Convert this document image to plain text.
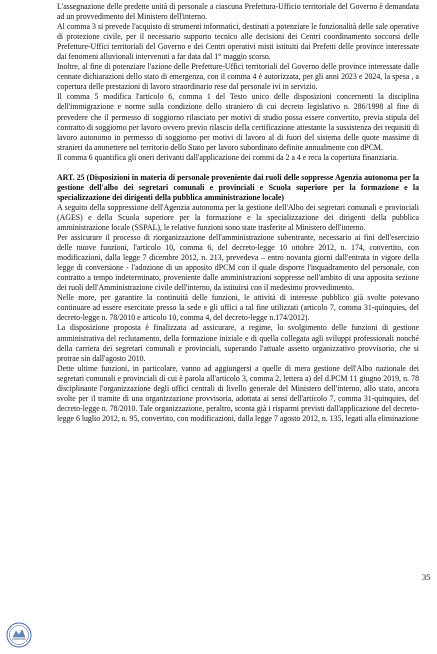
L'assegnazione delle predette unità di personale a ciascuna Prefettura-Ufficio territoriale del Governo è demandata ad un provvedimento del Ministero dell'interno.

Al comma 3 si prevede l'acquisto di strumenti informatici, destinati a potenziare le funzionalità delle sale operative di protezione civile, per il necessario supporto tecnico alle decisioni dei Centri coordinamento soccorsi delle Prefetture-Uffici territoriali del Governo e dei Centri operativi misti istituiti dai Prefetti delle province interessate dai fenomeni alluvionali intervenuti a far data dal 1° maggio scorso.

Inoltre, al fine di potenziare l'azione delle Prefetture-Uffici territoriali del Governo delle province interessate dalle cennate dichiarazioni dello stato di emergenza, con il comma 4 è autorizzata, per gli anni 2023 e 2024, la spesa , a copertura delle prestazioni di lavoro straordinario rese dal personale ivi in servizio.

Il comma 5 modifica l'articolo 6, comma 1 del Testo unico delle disposizioni concernenti la disciplina dell'immigrazione e norme sulla condizione dello straniero di cui decreto legislativo n. 286/1998 al fine di prevedere che il permesso di soggiorno rilasciato per motivi di studio possa essere convertito, previa stipula del contratto di soggiorno per lavoro ovvero previo rilascio della certificazione attestante la sussistenza dei requisiti di lavoro autonomo in permesso di soggiorno per motivi di lavoro al di fuori del sistema delle quote massime di stranieri da ammettere nel territorio dello Stato per lavoro subordinato definite annualmente con dPCM.

Il comma 6 quantifica gli oneri derivanti dall'applicazione dei commi da 2 a 4 e reca la copertura finanziaria.

ART. 25 (Disposizioni in materia di personale proveniente dai ruoli delle soppresse Agenzia autonoma per la gestione dell'albo dei segretari comunali e provinciali e Scuola superiore per la formazione e la specializzazione dei dirigenti della pubblica amministrazione locale)

A seguito della soppressione dell'Agenzia autonoma per la gestione dell'Albo dei segretari comunali e provinciali (AGES) e della Scuola superiore per la formazione e la specializzazione dei dirigenti della pubblica amministrazione locale (SSPAL), le relative funzioni sono state trasferite al Ministero dell'interno.

Per assicurare il processo di riorganizzazione dell'amministrazione subentrante, necessario ai fini dell'esercizio delle nuove funzioni, l'articolo 10, comma 6, del decreto-legge 10 ottobre 2012, n. 174, convertito, con modificazioni, dalla legge 7 dicembre 2012, n. 213, prevedeva – entro novanta giorni dall'entrata in vigore della legge di conversione - l'adozione di un apposito dPCM con il quale disporre l'inquadramento del personale, con contratto a tempo indeterminato, proveniente dalle amministrazioni soppresse nell'ambito di una apposita sezione dei ruoli dell'Amministrazione civile dell'interno, da istituirsi con il medesimo provvedimento.

Nelle more, per garantire la continuità delle funzioni, le attività di interesse pubblico già svolte potevano continuare ad essere esercitate presso la sede e gli uffici a tal fine utilizzati (articolo 7, comma 31-quinquies, del decreto-legge n. 78/2010 e articolo 10, comma 4, del decreto-legge n.174/2012).

La disposizione proposta è finalizzata ad assicurare, a regime, lo svolgimento delle funzioni di gestione amministrativa del reclutamento, della formazione iniziale e di quella collegata agli sviluppi professionali nonché della carriera dei segretari comunali e provinciali, superando l'attuale assetto organizzativo provvisorio, che si protrae sin dall'agosto 2010.

Dette ultime funzioni, in particolare, vanno ad aggiungersi a quelle di mera gestione dell'Albo nazionale dei segretari comunali e provinciali di cui è parola all'articolo 3, comma 2, lettera a) del d.PCM 11 giugno 2019, n. 78 disciplinante l'organizzazione degli uffici centrali di livello generale del Ministero dell'interno, allo stato, ancora svolte per il tramite di una organizzazione provvisoria, adottata ai sensi dell'articolo 7, comma 31-quinquies, del decreto-legge n. 78/2010. Tale organizzazione, peraltro, sconta già i risparmi previsti dall'applicazione del decreto-legge 6 luglio 2012, n. 95, convertito, con modificazioni, dalla legge 7 agosto 2012, n. 135, legati alla eliminazione

35
